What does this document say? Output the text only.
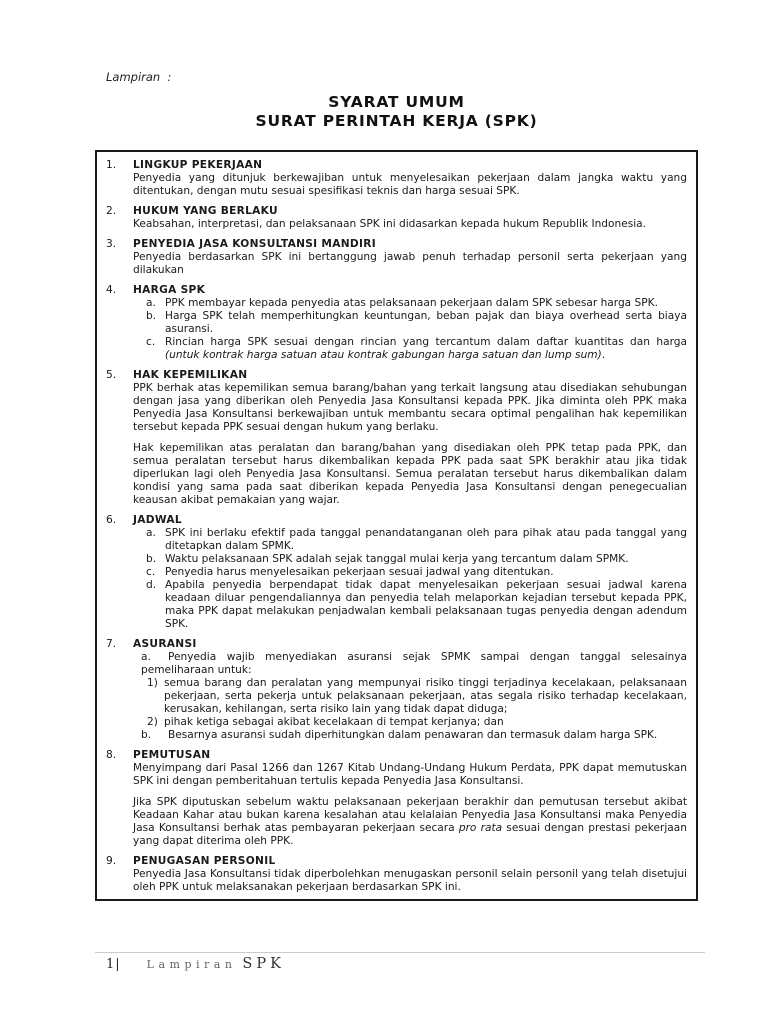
Lampiran  :
SYARAT UMUM
SURAT PERINTAH KERJA (SPK)
1.	LINGKUP PEKERJAAN
Penyedia yang ditunjuk berkewajiban untuk menyelesaikan pekerjaan dalam jangka waktu yang ditentukan, dengan mutu sesuai spesifikasi teknis dan harga sesuai SPK.
2.	HUKUM YANG BERLAKU
Keabsahan, interpretasi, dan pelaksanaan SPK ini didasarkan kepada hukum Republik Indonesia.
3.	PENYEDIA JASA KONSULTANSI MANDIRI
Penyedia berdasarkan SPK ini bertanggung jawab penuh terhadap personil serta pekerjaan yang dilakukan
4.	HARGA SPK
a. PPK membayar kepada penyedia atas pelaksanaan pekerjaan dalam SPK sebesar harga SPK.
b. Harga SPK telah memperhitungkan keuntungan, beban pajak dan biaya overhead serta biaya asuransi.
c. Rincian harga SPK sesuai dengan rincian yang tercantum dalam daftar kuantitas dan harga (untuk kontrak harga satuan atau kontrak gabungan harga satuan dan lump sum).
5.	HAK KEPEMILIKAN
PPK berhak atas kepemilikan semua barang/bahan yang terkait langsung atau disediakan sehubungan dengan jasa yang diberikan oleh Penyedia Jasa Konsultansi kepada PPK. Jika diminta oleh PPK maka Penyedia Jasa Konsultansi berkewajiban untuk membantu secara optimal pengalihan hak kepemilikan tersebut kepada PPK sesuai dengan hukum yang berlaku.
Hak kepemilikan atas peralatan dan barang/bahan yang disediakan oleh PPK tetap pada PPK, dan semua peralatan tersebut harus dikembalikan kepada PPK pada saat SPK berakhir atau jika tidak diperlukan lagi oleh Penyedia Jasa Konsultansi. Semua peralatan tersebut harus dikembalikan dalam kondisi yang sama pada saat diberikan kepada Penyedia Jasa Konsultansi dengan penegecualian keausan akibat pemakaian yang wajar.
6.	JADWAL
a. SPK ini berlaku efektif pada tanggal penandatanganan oleh para pihak atau pada tanggal yang ditetapkan dalam SPMK.
b. Waktu pelaksanaan SPK adalah sejak tanggal mulai kerja yang tercantum dalam SPMK.
c. Penyedia harus menyelesaikan pekerjaan sesuai jadwal yang ditentukan.
d. Apabila penyedia berpendapat tidak dapat menyelesaikan pekerjaan sesuai jadwal karena keadaan diluar pengendaliannya dan penyedia telah melaporkan kejadian tersebut kepada PPK, maka PPK dapat melakukan penjadwalan kembali pelaksanaan tugas penyedia dengan adendum SPK.
7.	ASURANSI
a. Penyedia wajib menyediakan asuransi sejak SPMK sampai dengan tanggal selesainya pemeliharaan untuk:
1) semua barang dan peralatan yang mempunyai risiko tinggi terjadinya kecelakaan, pelaksanaan pekerjaan, serta pekerja untuk pelaksanaan pekerjaan, atas segala risiko terhadap kecelakaan, kerusakan, kehilangan, serta risiko lain yang tidak dapat diduga;
2) pihak ketiga sebagai akibat kecelakaan di tempat kerjanya; dan
b. Besarnya asuransi sudah diperhitungkan dalam penawaran dan termasuk dalam harga SPK.
8.	PEMUTUSAN
Menyimpang dari Pasal 1266 dan 1267 Kitab Undang-Undang Hukum Perdata, PPK dapat memutuskan SPK ini dengan pemberitahuan tertulis kepada Penyedia Jasa Konsultansi.
Jika SPK diputuskan sebelum waktu pelaksanaan pekerjaan berakhir dan pemutusan tersebut akibat Keadaan Kahar atau bukan karena kesalahan atau kelalaian Penyedia Jasa Konsultansi maka Penyedia Jasa Konsultansi berhak atas pembayaran pekerjaan secara pro rata sesuai dengan prestasi pekerjaan yang dapat diterima oleh PPK.
9.	PENUGASAN PERSONIL
Penyedia Jasa Konsultansi tidak diperbolehkan menugaskan personil selain personil yang telah disetujui oleh PPK untuk melaksanakan pekerjaan berdasarkan SPK ini.
1| Lampiran SPK
